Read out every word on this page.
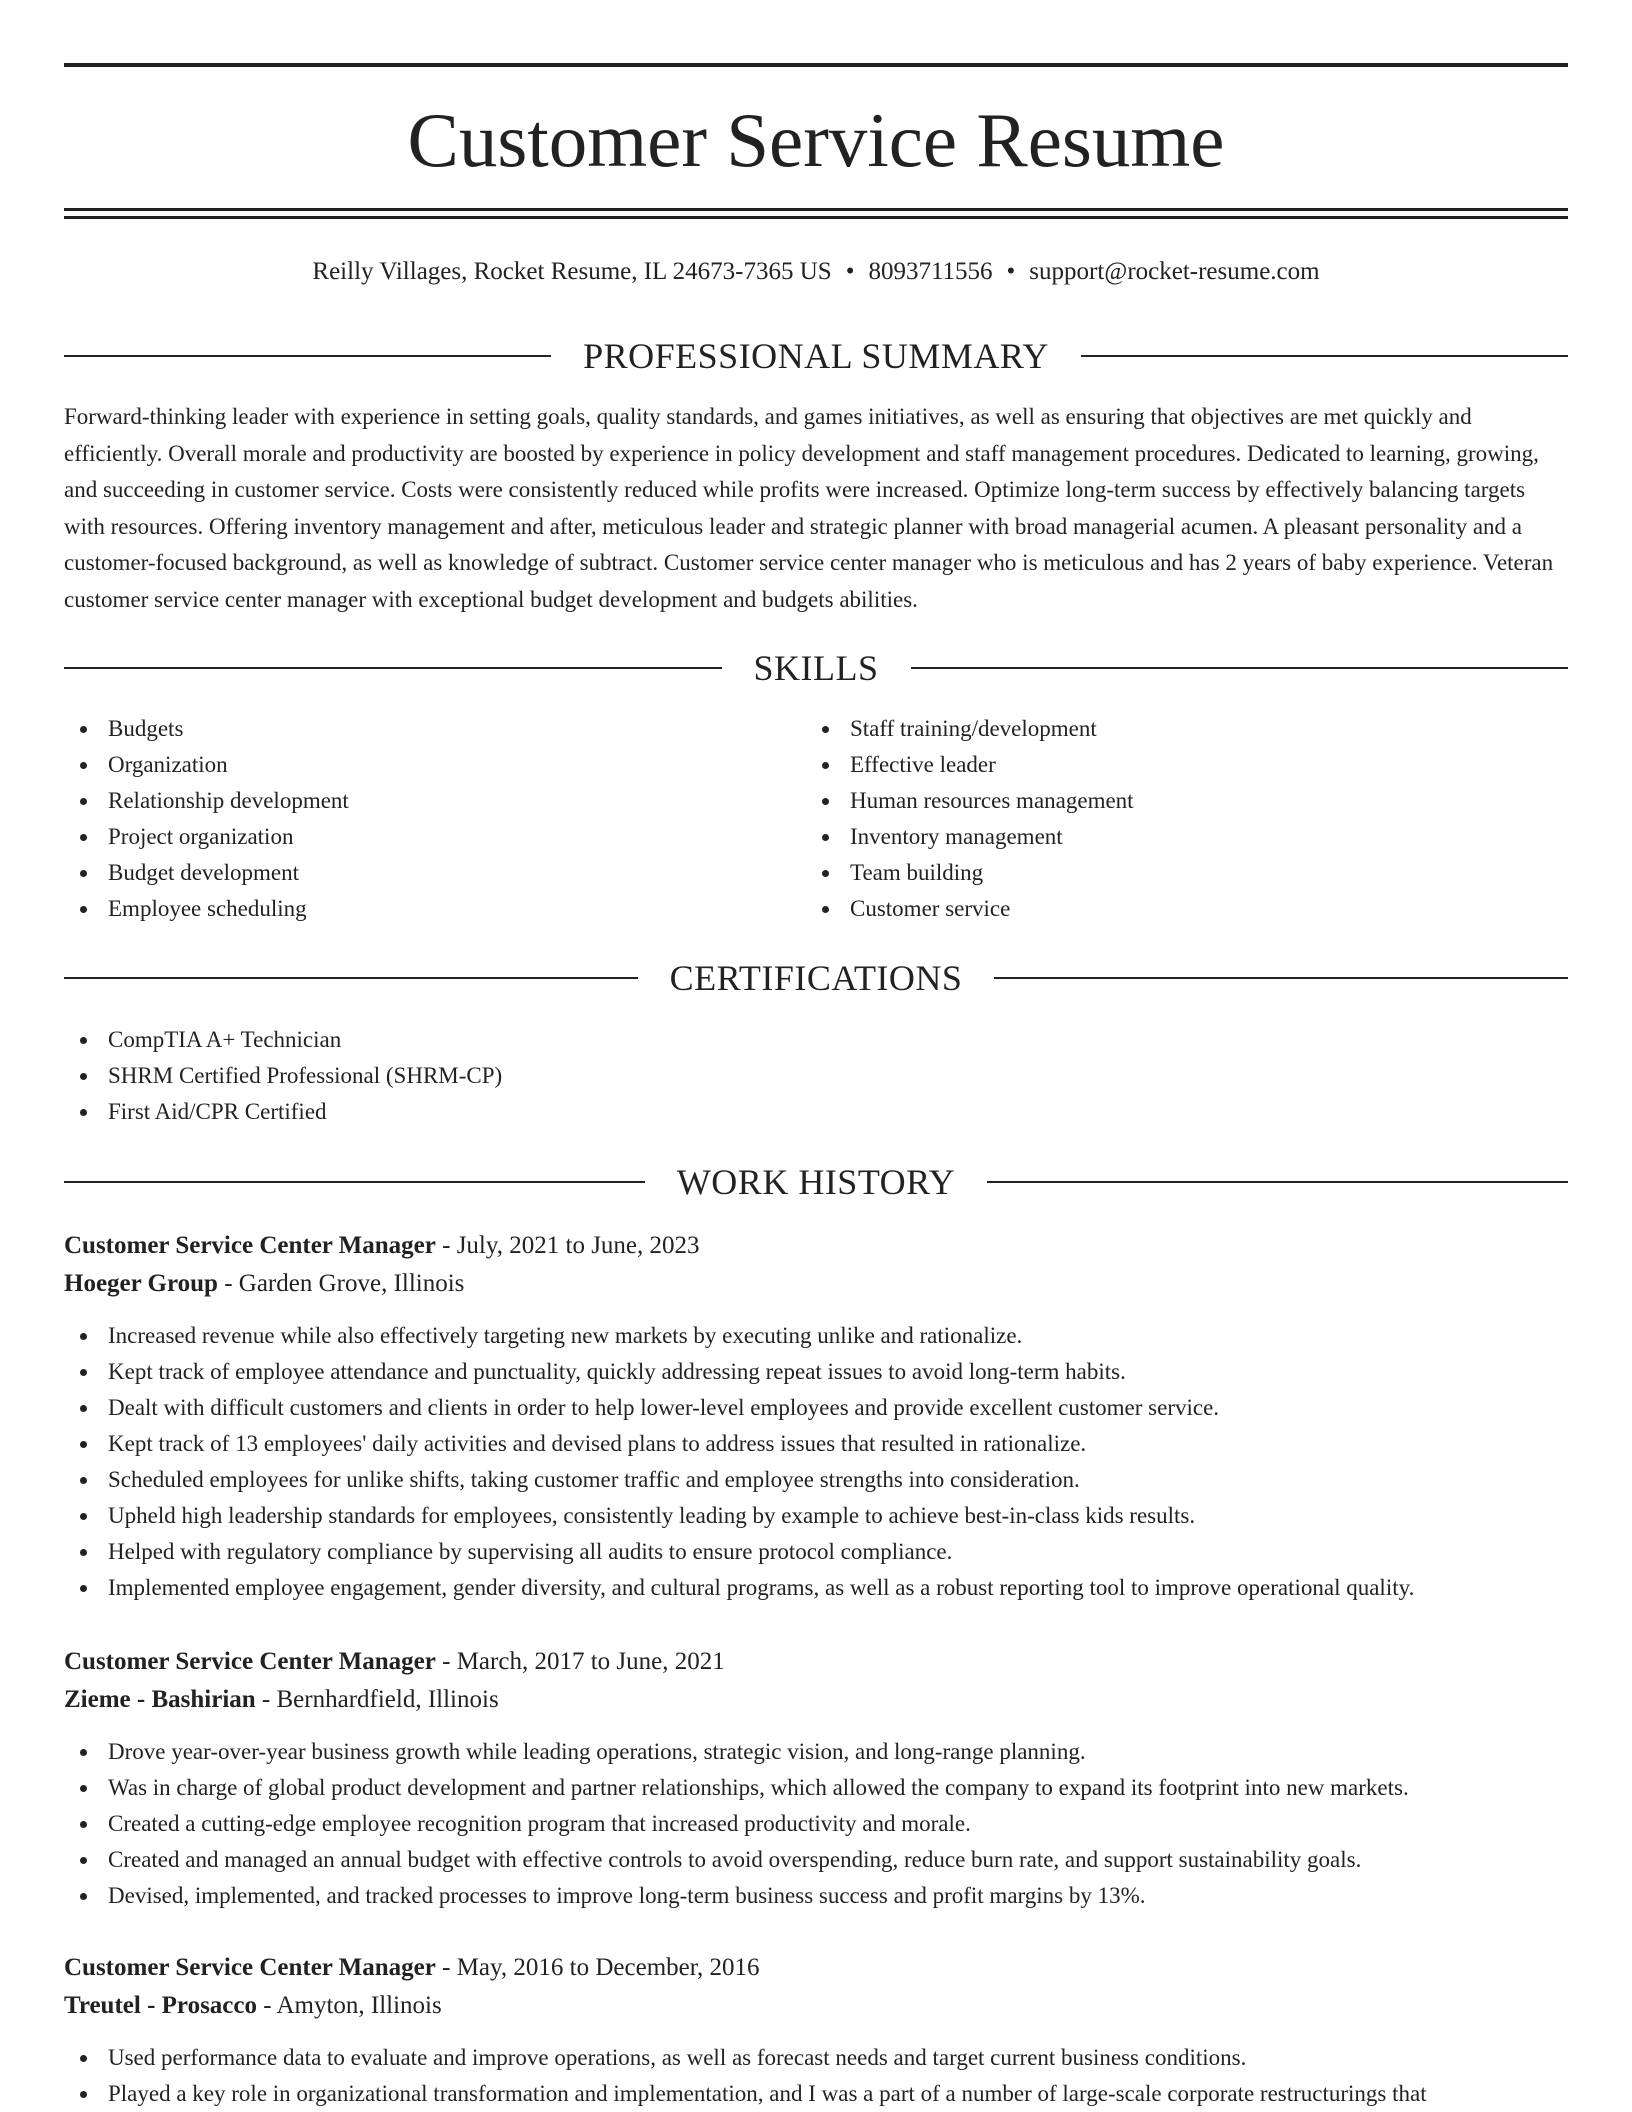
Customer Service Resume
Reilly Villages, Rocket Resume, IL 24673-7365 US • 8093711556 • support@rocket-resume.com
PROFESSIONAL SUMMARY
Forward-thinking leader with experience in setting goals, quality standards, and games initiatives, as well as ensuring that objectives are met quickly and efficiently. Overall morale and productivity are boosted by experience in policy development and staff management procedures. Dedicated to learning, growing, and succeeding in customer service. Costs were consistently reduced while profits were increased. Optimize long-term success by effectively balancing targets with resources. Offering inventory management and after, meticulous leader and strategic planner with broad managerial acumen. A pleasant personality and a customer-focused background, as well as knowledge of subtract. Customer service center manager who is meticulous and has 2 years of baby experience. Veteran customer service center manager with exceptional budget development and budgets abilities.
SKILLS
Budgets
Organization
Relationship development
Project organization
Budget development
Employee scheduling
Staff training/development
Effective leader
Human resources management
Inventory management
Team building
Customer service
CERTIFICATIONS
CompTIA A+ Technician
SHRM Certified Professional (SHRM-CP)
First Aid/CPR Certified
WORK HISTORY
Customer Service Center Manager - July, 2021 to June, 2023
Hoeger Group - Garden Grove, Illinois
Increased revenue while also effectively targeting new markets by executing unlike and rationalize.
Kept track of employee attendance and punctuality, quickly addressing repeat issues to avoid long-term habits.
Dealt with difficult customers and clients in order to help lower-level employees and provide excellent customer service.
Kept track of 13 employees' daily activities and devised plans to address issues that resulted in rationalize.
Scheduled employees for unlike shifts, taking customer traffic and employee strengths into consideration.
Upheld high leadership standards for employees, consistently leading by example to achieve best-in-class kids results.
Helped with regulatory compliance by supervising all audits to ensure protocol compliance.
Implemented employee engagement, gender diversity, and cultural programs, as well as a robust reporting tool to improve operational quality.
Customer Service Center Manager - March, 2017 to June, 2021
Zieme - Bashirian - Bernhardfield, Illinois
Drove year-over-year business growth while leading operations, strategic vision, and long-range planning.
Was in charge of global product development and partner relationships, which allowed the company to expand its footprint into new markets.
Created a cutting-edge employee recognition program that increased productivity and morale.
Created and managed an annual budget with effective controls to avoid overspending, reduce burn rate, and support sustainability goals.
Devised, implemented, and tracked processes to improve long-term business success and profit margins by 13%.
Customer Service Center Manager - May, 2016 to December, 2016
Treutel - Prosacco - Amyton, Illinois
Used performance data to evaluate and improve operations, as well as forecast needs and target current business conditions.
Played a key role in organizational transformation and implementation, and I was a part of a number of large-scale corporate restructurings that
